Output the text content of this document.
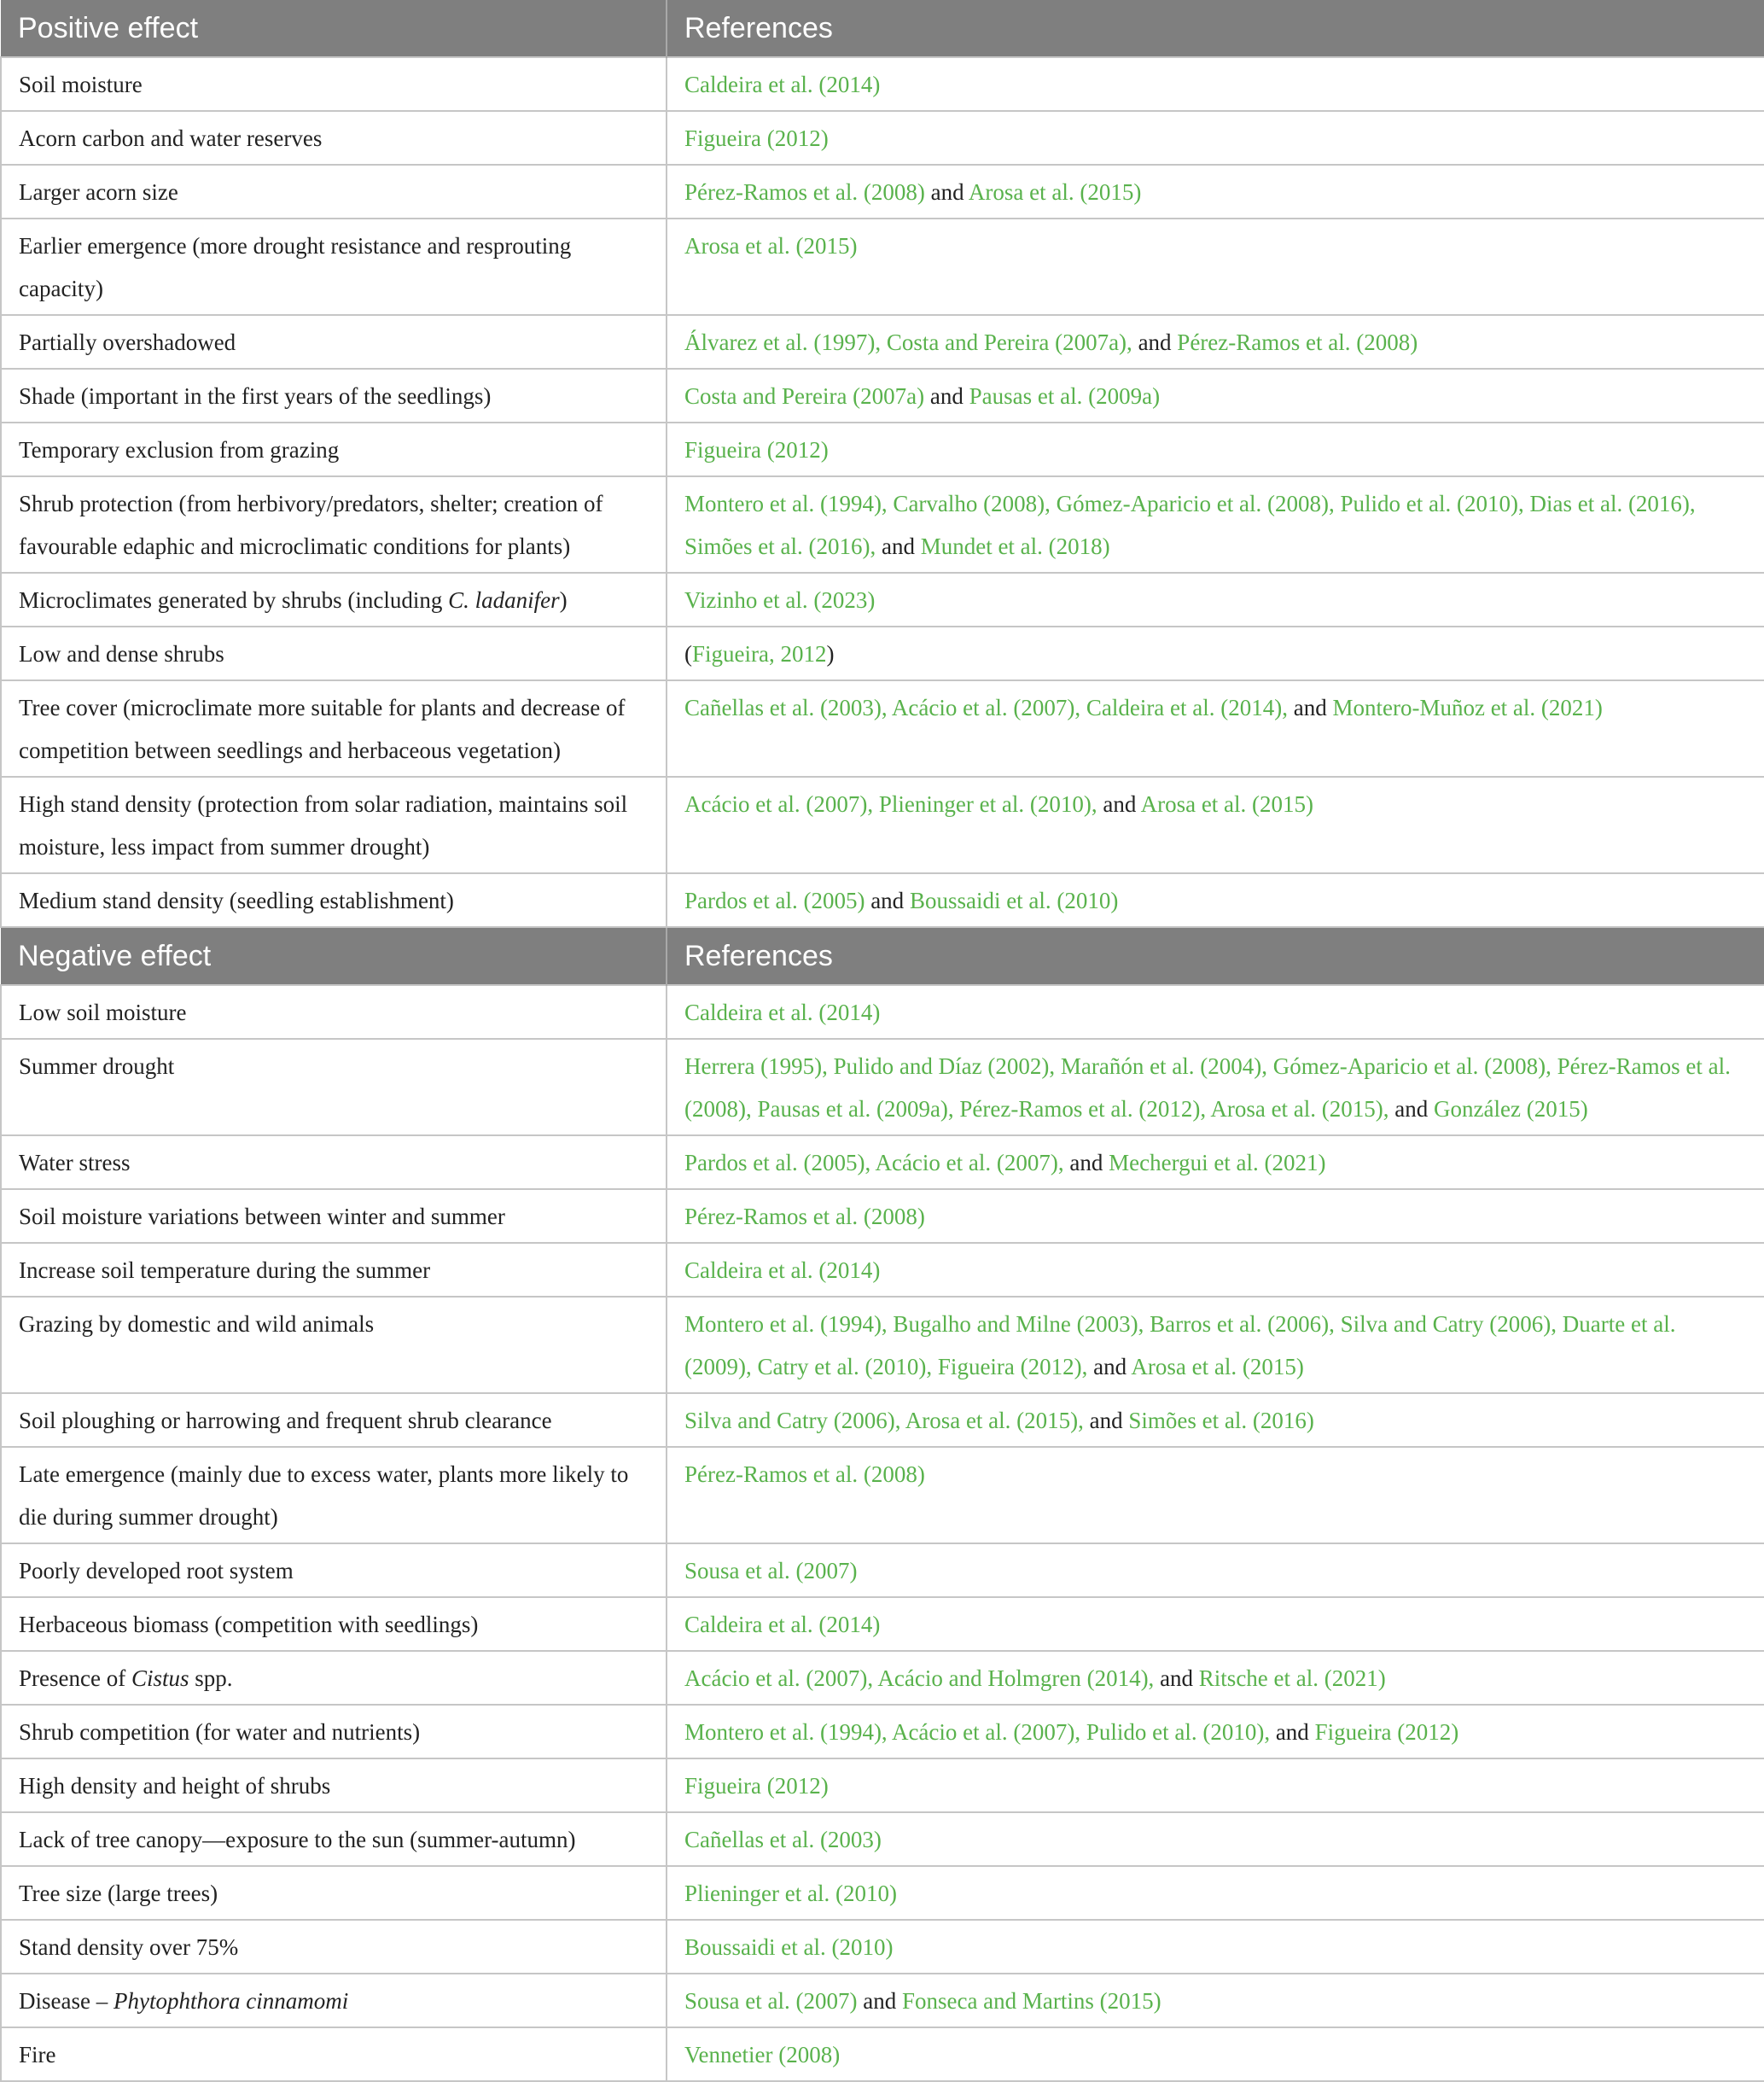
Positive effect	References
Soil moisture	Caldeira et al. (2014)
Acorn carbon and water reserves	Figueira (2012)
Larger acorn size	Pérez-Ramos et al. (2008) and Arosa et al. (2015)
Earlier emergence (more drought resistance and resprouting capacity)	Arosa et al. (2015)
Partially overshadowed	Álvarez et al. (1997), Costa and Pereira (2007a), and Pérez-Ramos et al. (2008)
Shade (important in the first years of the seedlings)	Costa and Pereira (2007a) and Pausas et al. (2009a)
Temporary exclusion from grazing	Figueira (2012)
Shrub protection (from herbivory/predators, shelter; creation of favourable edaphic and microclimatic conditions for plants)	Montero et al. (1994), Carvalho (2008), Gómez-Aparicio et al. (2008), Pulido et al. (2010), Dias et al. (2016), Simões et al. (2016), and Mundet et al. (2018)
Microclimates generated by shrubs (including C. ladanifer)	Vizinho et al. (2023)
Low and dense shrubs	(Figueira, 2012)
Tree cover (microclimate more suitable for plants and decrease of competition between seedlings and herbaceous vegetation)	Cañellas et al. (2003), Acácio et al. (2007), Caldeira et al. (2014), and Montero-Muñoz et al. (2021)
High stand density (protection from solar radiation, maintains soil moisture, less impact from summer drought)	Acácio et al. (2007), Plieninger et al. (2010), and Arosa et al. (2015)
Medium stand density (seedling establishment)	Pardos et al. (2005) and Boussaidi et al. (2010)
Negative effect	References
Low soil moisture	Caldeira et al. (2014)
Summer drought	Herrera (1995), Pulido and Díaz (2002), Marañón et al. (2004), Gómez-Aparicio et al. (2008), Pérez-Ramos et al. (2008), Pausas et al. (2009a), Pérez-Ramos et al. (2012), Arosa et al. (2015), and González (2015)
Water stress	Pardos et al. (2005), Acácio et al. (2007), and Mechergui et al. (2021)
Soil moisture variations between winter and summer	Pérez-Ramos et al. (2008)
Increase soil temperature during the summer	Caldeira et al. (2014)
Grazing by domestic and wild animals	Montero et al. (1994), Bugalho and Milne (2003), Barros et al. (2006), Silva and Catry (2006), Duarte et al. (2009), Catry et al. (2010), Figueira (2012), and Arosa et al. (2015)
Soil ploughing or harrowing and frequent shrub clearance	Silva and Catry (2006), Arosa et al. (2015), and Simões et al. (2016)
Late emergence (mainly due to excess water, plants more likely to die during summer drought)	Pérez-Ramos et al. (2008)
Poorly developed root system	Sousa et al. (2007)
Herbaceous biomass (competition with seedlings)	Caldeira et al. (2014)
Presence of Cistus spp.	Acácio et al. (2007), Acácio and Holmgren (2014), and Ritsche et al. (2021)
Shrub competition (for water and nutrients)	Montero et al. (1994), Acácio et al. (2007), Pulido et al. (2010), and Figueira (2012)
High density and height of shrubs	Figueira (2012)
Lack of tree canopy—exposure to the sun (summer-autumn)	Cañellas et al. (2003)
Tree size (large trees)	Plieninger et al. (2010)
Stand density over 75%	Boussaidi et al. (2010)
Disease – Phytophthora cinnamomi	Sousa et al. (2007) and Fonseca and Martins (2015)
Fire	Vennetier (2008)
